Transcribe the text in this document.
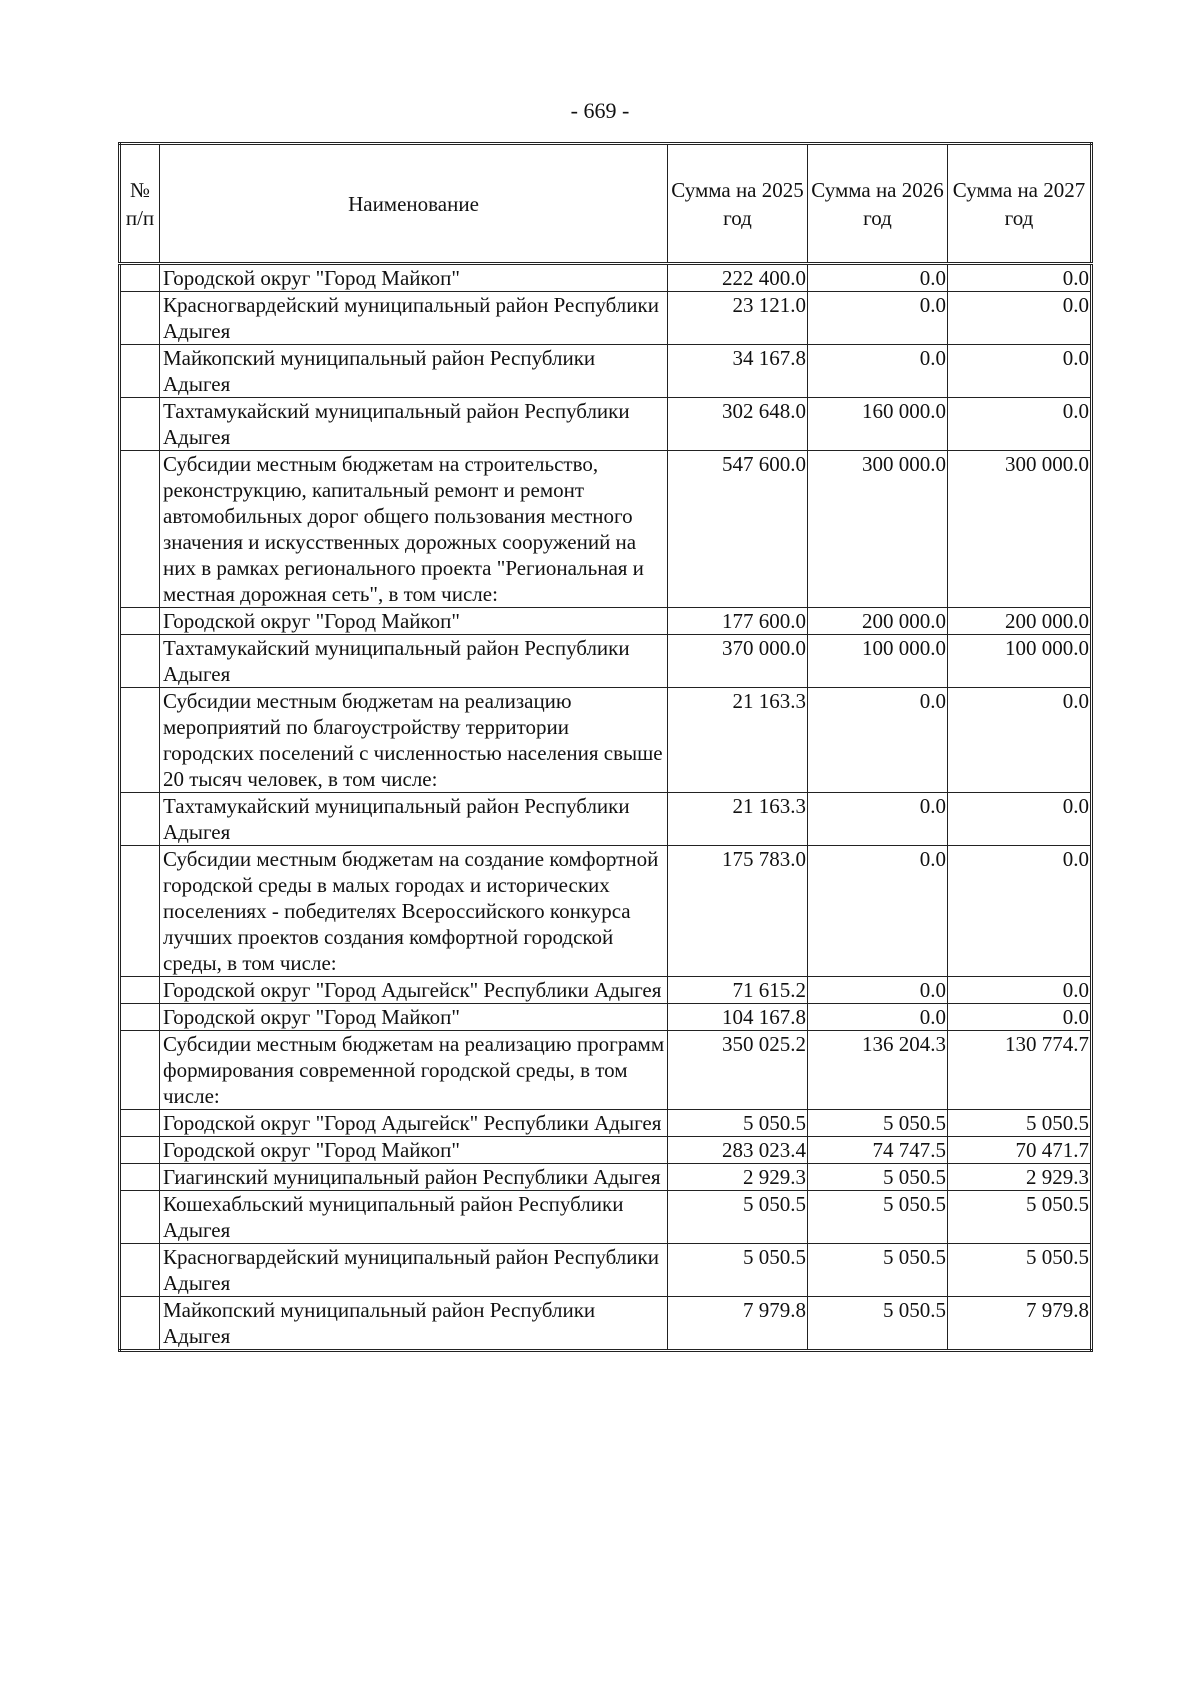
- 669 -
№ п/п	Наименование	Сумма на 2025 год	Сумма на 2026 год	Сумма на 2027 год
	Городской округ "Город Майкоп"	222 400.0	0.0	0.0
	Красногвардейский муниципальный район Республики Адыгея	23 121.0	0.0	0.0
	Майкопский муниципальный район Республики Адыгея	34 167.8	0.0	0.0
	Тахтамукайский муниципальный район Республики Адыгея	302 648.0	160 000.0	0.0
	Субсидии местным бюджетам на строительство, реконструкцию, капитальный ремонт и ремонт автомобильных дорог общего пользования местного значения и искусственных дорожных сооружений на них в рамках регионального проекта "Региональная и местная дорожная сеть", в том числе:	547 600.0	300 000.0	300 000.0
	Городской округ "Город Майкоп"	177 600.0	200 000.0	200 000.0
	Тахтамукайский муниципальный район Республики Адыгея	370 000.0	100 000.0	100 000.0
	Субсидии местным бюджетам на реализацию мероприятий по благоустройству территории городских поселений с численностью населения свыше 20 тысяч человек, в том числе:	21 163.3	0.0	0.0
	Тахтамукайский муниципальный район Республики Адыгея	21 163.3	0.0	0.0
	Субсидии местным бюджетам на создание комфортной городской среды в малых городах и исторических поселениях - победителях Всероссийского конкурса лучших проектов создания комфортной городской среды, в том числе:	175 783.0	0.0	0.0
	Городской округ "Город Адыгейск" Республики Адыгея	71 615.2	0.0	0.0
	Городской округ "Город Майкоп"	104 167.8	0.0	0.0
	Субсидии местным бюджетам на реализацию программ формирования современной городской среды, в том числе:	350 025.2	136 204.3	130 774.7
	Городской округ "Город Адыгейск" Республики Адыгея	5 050.5	5 050.5	5 050.5
	Городской округ "Город Майкоп"	283 023.4	74 747.5	70 471.7
	Гиагинский муниципальный район Республики Адыгея	2 929.3	5 050.5	2 929.3
	Кошехабльский муниципальный район Республики Адыгея	5 050.5	5 050.5	5 050.5
	Красногвардейский муниципальный район Республики Адыгея	5 050.5	5 050.5	5 050.5
	Майкопский муниципальный район Республики Адыгея	7 979.8	5 050.5	7 979.8
